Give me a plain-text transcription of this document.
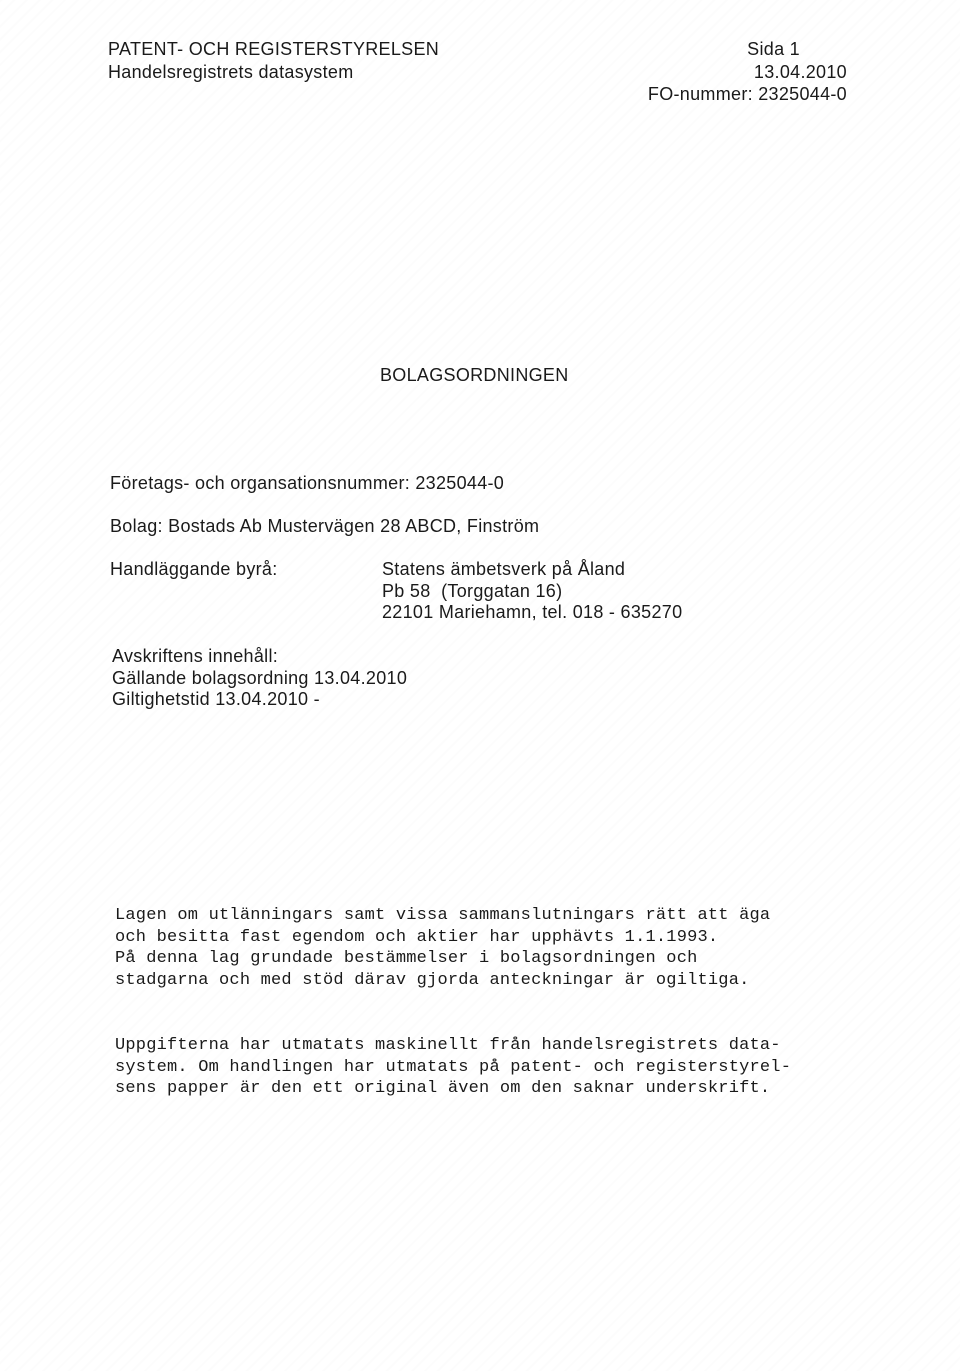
PATENT- OCH REGISTERSTYRELSEN
Handelsregistrets datasystem
Sida 1
13.04.2010
FO-nummer: 2325044-0
BOLAGSORDNINGEN
Företags- och organsationsnummer: 2325044-0
Bolag: Bostads Ab Mustervägen 28 ABCD, Finström
Handläggande byrå:	Statens ämbetsverk på Åland
Pb 58  (Torggatan 16)
22101 Mariehamn, tel. 018 - 635270
Avskriftens innehåll:
Gällande bolagsordning 13.04.2010
Giltighetstid 13.04.2010 -
Lagen om utlänningars samt vissa sammanslutningars rätt att äga
och besitta fast egendom och aktier har upphävts 1.1.1993.
På denna lag grundade bestämmelser i bolagsordningen och
stadgarna och med stöd därav gjorda anteckningar är ogiltiga.
Uppgifterna har utmatats maskinellt från handelsregistrets data-
system. Om handlingen har utmatats på patent- och registerstyrel-
sens papper är den ett original även om den saknar underskrift.
